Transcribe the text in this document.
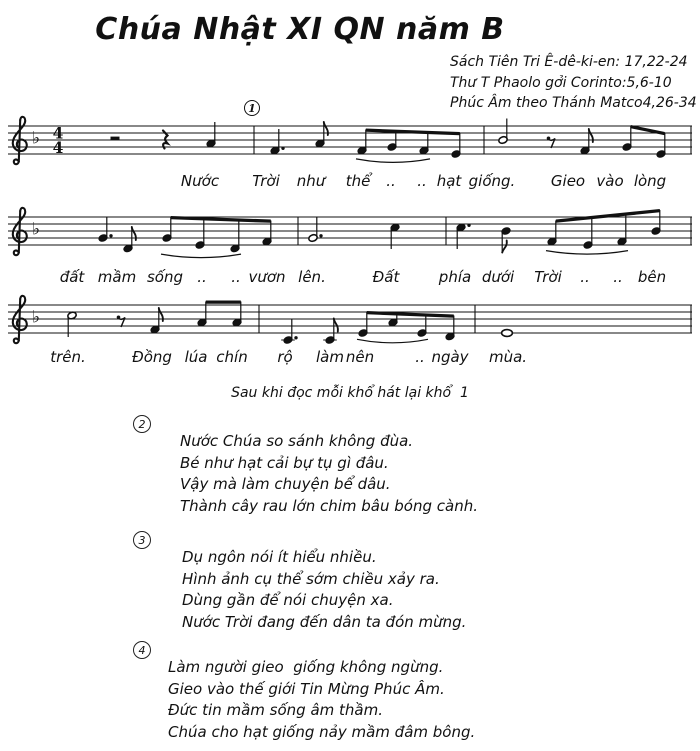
Chúa Nhật XI QN năm B
Sách Tiên Tri Ê-dê-ki-en: 17,22-24
Thư T Phaolo gởi Corinto:5,6-10
Phúc Âm theo Thánh Matco4,26-34
♭ 4
4
1
♭
♭
Nước Trời như thể .. .. hạt giống. Gieo vào lòng
đất mầm sống .. .. vươn lên.	Đất	phía dưới Trời .. .. bên
trên.	Đồng lúa chín rộ làm nên	.. ngày mùa.
Sau khi đọc mỗi khổ hát lại khổ  1
2

Nước Chúa so sánh không đùa.

Bé như hạt cải bự tụ gì đâu.

Vậy mà làm chuyện bể dâu.

Thành cây rau lớn chim bâu bóng cành.

3

Dụ ngôn nói ít hiểu nhiều.

Hình ảnh cụ thể sớm chiều xảy ra.

Dùng gần để nói chuyện xa.

Nước Trời đang đến dân ta đón mừng.

4

Làm người gieo  giống không ngừng.

Gieo vào thế giới Tin Mừng Phúc Âm.

Đức tin mầm sống âm thầm.

Chúa cho hạt giống nảy mầm đâm bông.
